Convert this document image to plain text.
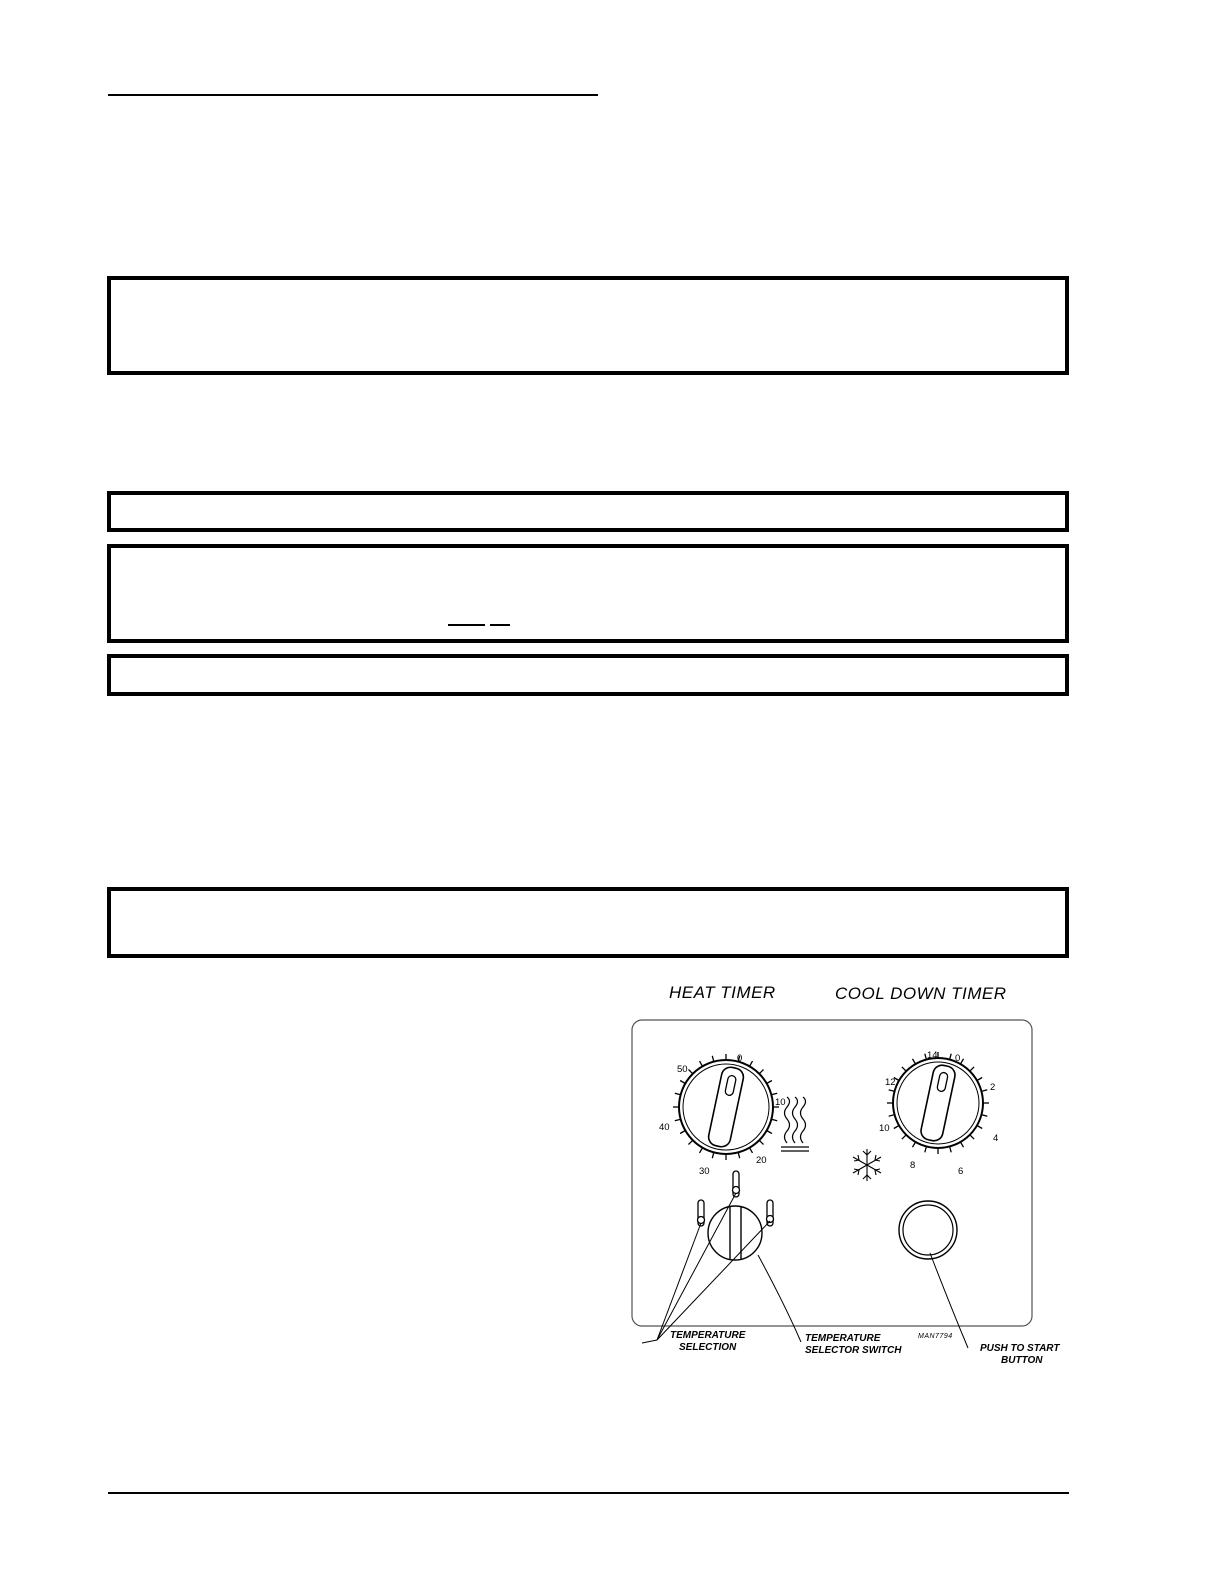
HEAT TIMER	COOL DOWN TIMER
0
10
20
30
40
50
0
2
4
6
8
10
12
14
TEMPERATURE
SELECTION
TEMPERATURE
SELECTOR SWITCH	PUSH TO START
BUTTON
MAN7794
